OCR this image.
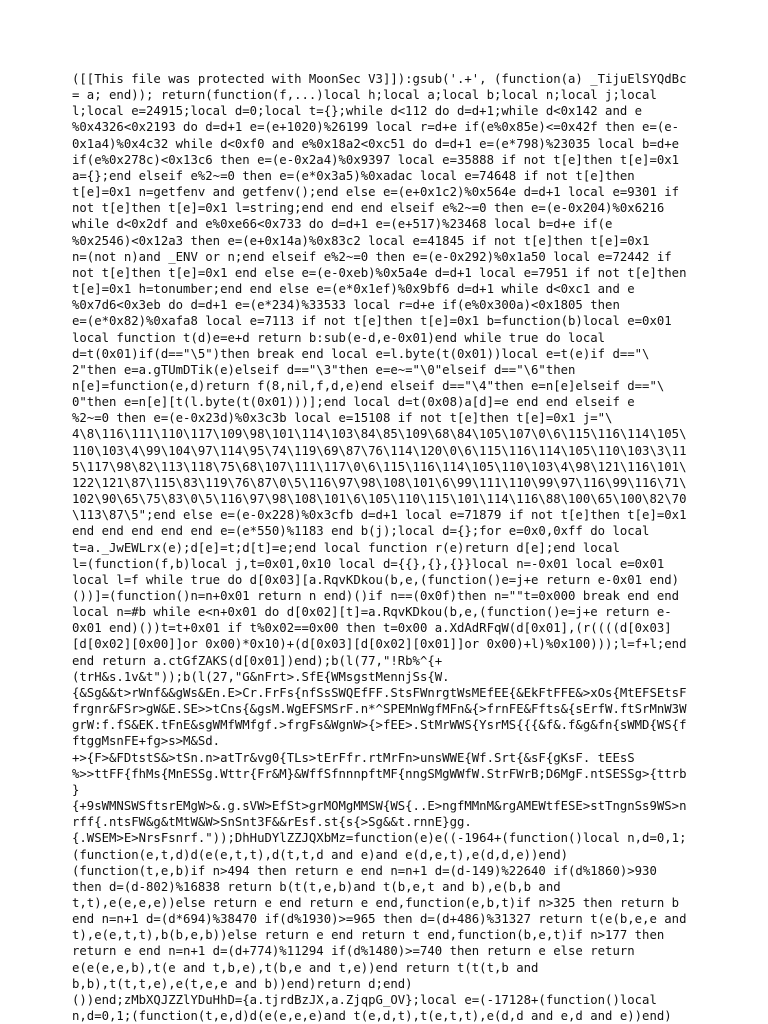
([[This file was protected with MoonSec V3]]):gsub('.+', (function(a) _TijuElSYQdBc
= a; end)); return(function(f,...)local h;local a;local b;local n;local j;local
l;local e=24915;local d=0;local t={};while d<112 do d=d+1;while d<0x142 and e
%0x4326<0x2193 do d=d+1 e=(e+1020)%26199 local r=d+e if(e%0x85e)<=0x42f then e=(e-
0x1a4)%0x4c32 while d<0xf0 and e%0x18a2<0xc51 do d=d+1 e=(e*798)%23035 local b=d+e
if(e%0x278c)<0x13c6 then e=(e-0x2a4)%0x9397 local e=35888 if not t[e]then t[e]=0x1
a={};end elseif e%2~=0 then e=(e*0x3a5)%0xadac local e=74648 if not t[e]then
t[e]=0x1 n=getfenv and getfenv();end else e=(e+0x1c2)%0x564e d=d+1 local e=9301 if
not t[e]then t[e]=0x1 l=string;end end end elseif e%2~=0 then e=(e-0x204)%0x6216
while d<0x2df and e%0xe66<0x733 do d=d+1 e=(e+517)%23468 local b=d+e if(e
%0x2546)<0x12a3 then e=(e+0x14a)%0x83c2 local e=41845 if not t[e]then t[e]=0x1
n=(not n)and _ENV or n;end elseif e%2~=0 then e=(e-0x292)%0x1a50 local e=72442 if
not t[e]then t[e]=0x1 end else e=(e-0xeb)%0x5a4e d=d+1 local e=7951 if not t[e]then
t[e]=0x1 h=tonumber;end end else e=(e*0x1ef)%0x9bf6 d=d+1 while d<0xc1 and e
%0x7d6<0x3eb do d=d+1 e=(e*234)%33533 local r=d+e if(e%0x300a)<0x1805 then
e=(e*0x82)%0xafa8 local e=7113 if not t[e]then t[e]=0x1 b=function(b)local e=0x01
local function t(d)e=e+d return b:sub(e-d,e-0x01)end while true do local
d=t(0x01)if(d=="\5")then break end local e=l.byte(t(0x01))local e=t(e)if d=="\
2"then e=a.gTUmDTik(e)elseif d=="\3"then e=e~="\0"elseif d=="\6"then
n[e]=function(e,d)return f(8,nil,f,d,e)end elseif d=="\4"then e=n[e]elseif d=="\
0"then e=n[e][t(l.byte(t(0x01)))];end local d=t(0x08)a[d]=e end end elseif e
%2~=0 then e=(e-0x23d)%0x3c3b local e=15108 if not t[e]then t[e]=0x1 j="\
4\8\116\111\110\117\109\98\101\114\103\84\85\109\68\84\105\107\0\6\115\116\114\105\
110\103\4\99\104\97\114\95\74\119\69\87\76\114\120\0\6\115\116\114\105\110\103\3\11
5\117\98\82\113\118\75\68\107\111\117\0\6\115\116\114\105\110\103\4\98\121\116\101\
122\121\87\115\83\119\76\87\0\5\116\97\98\108\101\6\99\111\110\99\97\116\99\116\71\
102\90\65\75\83\0\5\116\97\98\108\101\6\105\110\115\101\114\116\88\100\65\100\82\70
\113\87\5";end else e=(e-0x228)%0x3cfb d=d+1 local e=71879 if not t[e]then t[e]=0x1
end end end end end e=(e*550)%1183 end b(j);local d={};for e=0x0,0xff do local
t=a._JwEWLrx(e);d[e]=t;d[t]=e;end local function r(e)return d[e];end local
l=(function(f,b)local j,t=0x01,0x10 local d={{},{},{}}local n=-0x01 local e=0x01
local l=f while true do d[0x03][a.RqvKDkou(b,e,(function()e=j+e return e-0x01 end)
())]=(function()n=n+0x01 return n end)()if n==(0x0f)then n=""t=0x000 break end end
local n=#b while e<n+0x01 do d[0x02][t]=a.RqvKDkou(b,e,(function()e=j+e return e-
0x01 end)())t=t+0x01 if t%0x02==0x00 then t=0x00 a.XdAdRFqW(d[0x01],(r((((d[0x03]
[d[0x02][0x00]]or 0x00)*0x10)+(d[0x03][d[0x02][0x01]]or 0x00)+l)%0x100)));l=f+l;end
end return a.ctGfZAKS(d[0x01])end);b(l(77,"!Rb%^{+
(trH&s.1v&t"));b(l(27,"G&nFrt>.SfE{WMsgstMennjSs{W.
{&Sg&&t>rWnf&&gWs&En.E>Cr.FrFs{nfSsSWQEfFF.StsFWnrgtWsMEfEE{&EkFtFFE&>xOs{MtEFSEtsF
frgnr&FSr>gW&E.SE>>tCns{&gsM.WgEFSMSrF.n*^SPEMnWgfMFn&{>frnFE&Ffts&{sErfW.ftSrMnW3W
grW:f.fS&EK.tFnE&sgWMfWMfgf.>frgFs&WgnW>{>fEE>.StMrWWS{YsrMS{{{&f&.f&g&fn{sWMD{WS{f
ftggMsnFE+fg>s>M&Sd.
+>{F>&FDtstS&>tSn.n>atTr&vg0{TLs>tErFfr.rtMrFn>unsWWE{Wf.Srt{&sF{gKsF. tEEsS
%>>ttFF{fhMs{MnESSg.Wttr{Fr&M}&WffSfnnnpftMF{nngSMgWWfW.StrFWrB;D6MgF.ntSESSg>{ttrb
}
{+9sWMNSWSftsrEMgW>&.g.sVW>EfSt>grMOMgMMSW{WS{..E>ngfMMnM&rgAMEWtfESE>stTngnSs9WS>n
rff{.ntsFW&g&tMtW&W>SnSnt3F&&rEsf.st{s{>Sg&&t.rnnE}gg.
{.WSEM>E>NrsFsnrf."));DhHuDYlZZJQXbMz=function(e)e((-1964+(function()local n,d=0,1;
(function(e,t,d)d(e(e,t,t),d(t,t,d and e)and e(d,e,t),e(d,d,e))end)
(function(t,e,b)if n>494 then return e end n=n+1 d=(d-149)%22640 if(d%1860)>930
then d=(d-802)%16838 return b(t(t,e,b)and t(b,e,t and b),e(b,b and
t,t),e(e,e,e))else return e end return e end,function(e,b,t)if n>325 then return b
end n=n+1 d=(d*694)%38470 if(d%1930)>=965 then d=(d+486)%31327 return t(e(b,e,e and
t),e(e,t,t),b(b,e,b))else return e end return t end,function(b,e,t)if n>177 then
return e end n=n+1 d=(d+774)%11294 if(d%1480)>=740 then return e else return
e(e(e,e,b),t(e and t,b,e),t(b,e and t,e))end return t(t(t,b and
b,b),t(t,t,e),e(t,e,e and b))end)return d;end)
())end;zMbXQJZZlYDuHhD={a.tjrdBzJX,a.ZjqpG_OV};local e=(-17128+(function()local
n,d=0,1;(function(t,e,d)d(e(e,e,e)and t(e,d,t),t(e,t,t),e(d,d and e,d and e))end)
